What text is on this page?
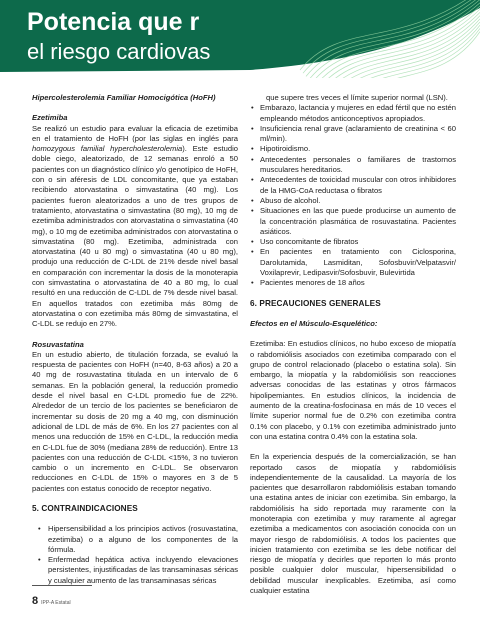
Potencia que r
el riesgo cardiovas

Hipercolesterolemia Familiar Homocigótica (HoFH)

Ezetimiba

Se realizó un estudio para evaluar la eficacia de ezetimiba en el tratamiento de HoFH (por las siglas en inglés para homozygous familial hypercholesterolemia). Este estudio doble ciego, aleatorizado, de 12 semanas enroló a 50 pacientes con un diagnóstico clínico y/o genotípico de HoFH, con o sin aféresis de LDL concomitante, que ya estaban recibiendo atorvastatina o simvastatina (40 mg). Los pacientes fueron aleatorizados a uno de tres grupos de tratamiento, atorvastatina o simvastatina (80 mg), 10 mg de ezetimiba administrados con atorvastatina o simvastatina (40 mg), o 10 mg de ezetimiba administrados con atorvastatina o simvastatina (80 mg). Ezetimiba, administrada con atorvastatina (40 u 80 mg) o simvastatina (40 u 80 mg), produjo una reducción de C-LDL de 21% desde nivel basal en comparación con incrementar la dosis de la monoterapia con simvastatina o atorvastatina de 40 a 80 mg, lo cual resultó en una reducción de C-LDL de 7% desde nivel basal. En aquellos tratados con ezetimiba más 80mg de atorvastatina o con ezetimiba más 80mg de simvastatina, el C-LDL se redujo en 27%.

Rosuvastatina

En un estudio abierto, de titulación forzada, se evaluó la respuesta de pacientes con HoFH (n=40, 8-63 años) a 20 a 40 mg de rosuvastatina titulada en un intervalo de 6 semanas. En la población general, la reducción promedio desde el nivel basal en C-LDL promedio fue de 22%. Alrededor de un tercio de los pacientes se beneficiaron de incrementar su dosis de 20 mg a 40 mg, con disminución adicional de LDL de más de 6%. En los 27 pacientes con al menos una reducción de 15% en C-LDL, la reducción media en C-LDL fue de 30% (mediana 28% de reducción). Entre 13 pacientes con una reducción de C-LDL <15%, 3 no tuvieron cambio o un incremento en C-LDL. Se observaron reducciones en C-LDL de 15% o mayores en 3 de 5 pacientes con estatus conocido de receptor negativo.

5. CONTRAINDICACIONES

• Hipersensibilidad a los principios activos (rosuvastatina, ezetimiba) o a alguno de los componentes de la fórmula.
• Enfermedad hepática activa incluyendo elevaciones persistentes, injustificadas de las transaminasas séricas y cualquier aumento de las transaminasas séricas

que supere tres veces el límite superior normal (LSN).

• Embarazo, lactancia y mujeres en edad fértil que no estén empleando métodos anticonceptivos apropiados.
• Insuficiencia renal grave (aclaramiento de creatinina < 60 ml/min).
• Hipotiroidismo.
• Antecedentes personales o familiares de trastornos musculares hereditarios.
• Antecedentes de toxicidad muscular con otros inhibidores de la HMG-CoA reductasa o fibratos
• Abuso de alcohol.
• Situaciones en las que puede producirse un aumento de la concentración plasmática de rosuvastatina. Pacientes asiáticos.
• Uso concomitante de fibratos
• En pacientes en tratamiento con Ciclosporina, Darolutamida, Lasmiditan, Sofosbuvir/Velpatasvir/ Voxilaprevir, Ledipasvir/Sofosbuvir, Bulevirtida
• Pacientes menores de 18 años

6. PRECAUCIONES GENERALES

Efectos en el Músculo-Esquelético:

Ezetimiba: En estudios clínicos, no hubo exceso de miopatía o rabdomiólisis asociados con ezetimiba comparado con el grupo de control relacionado (placebo o estatina sola). Sin embargo, la miopatía y la rabdomiólisis son reacciones adversas conocidas de las estatinas y otros fármacos hipolipemiantes. En estudios clínicos, la incidencia de aumento de la creatina-fosfocinasa en más de 10 veces el límite superior normal fue de 0.2% con ezetimiba contra 0.1% con placebo, y 0.1% con ezetimiba administrado junto con una estatina contra 0.4% con la estatina sola.

En la experiencia después de la comercialización, se han reportado casos de miopatía y rabdomiólisis independientemente de la causalidad. La mayoría de los pacientes que desarrollaron rabdomiólisis estaban tomando una estatina antes de iniciar con ezetimiba. Sin embargo, la rabdomiólisis ha sido reportada muy raramente con la monoterapia con ezetimiba y muy raramente al agregar ezetimiba a medicamentos con asociación conocida con un mayor riesgo de rabdomiólisis. A todos los pacientes que inicien tratamiento con ezetimiba se les debe notificar del riesgo de miopatía y decirles que reporten lo más pronto posible cualquier dolor muscular, hipersensibilidad o debilidad muscular inexplicables. Ezetimiba, así como cualquier estatina

8 IPP-A Estatal
